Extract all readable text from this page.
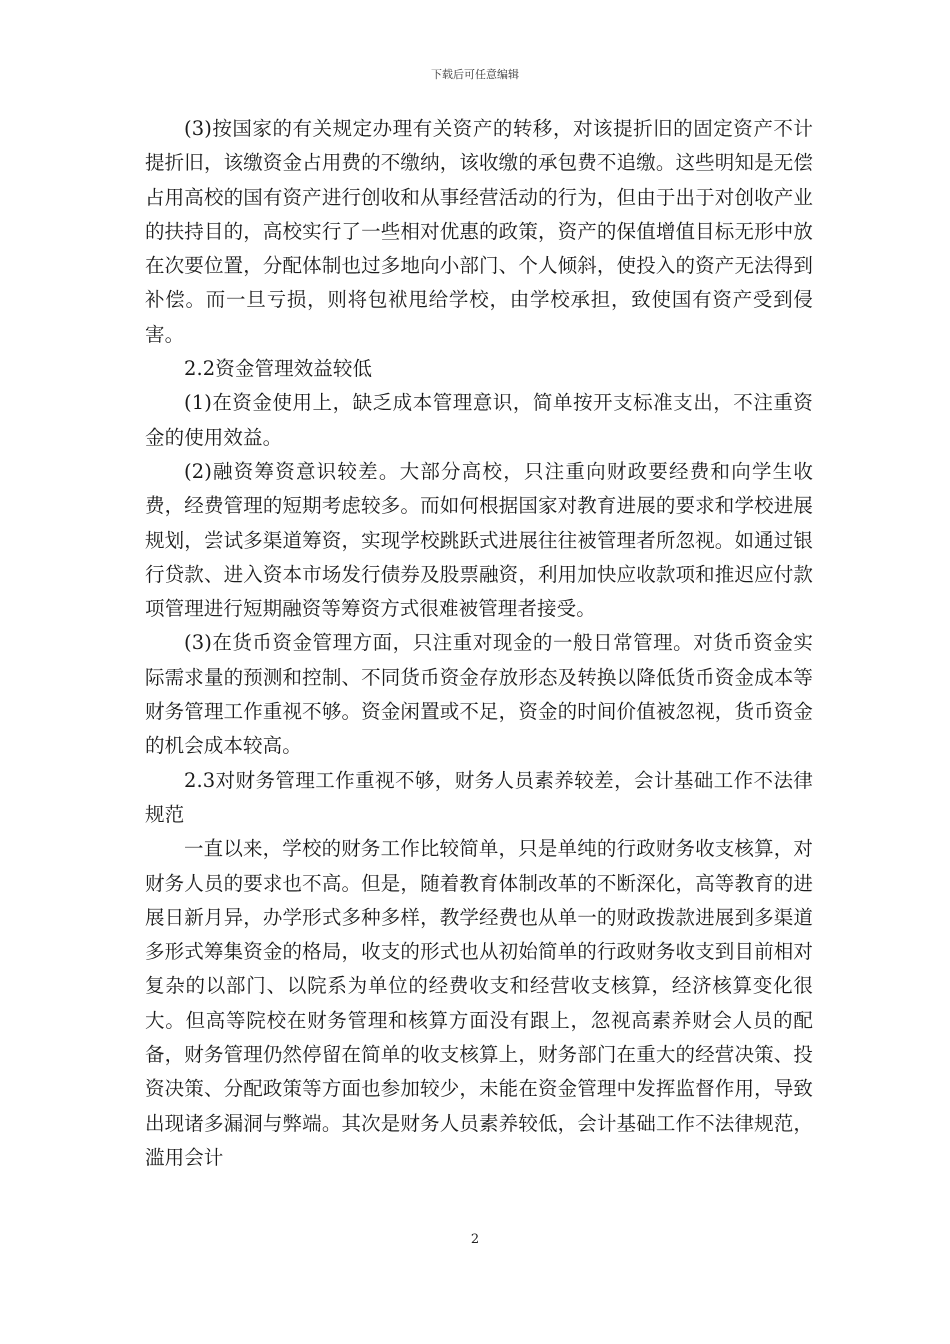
下载后可任意编辑

(3)按国家的有关规定办理有关资产的转移，对该提折旧的固定资产不计提折旧，该缴资金占用费的不缴纳，该收缴的承包费不追缴。这些明知是无偿占用高校的国有资产进行创收和从事经营活动的行为，但由于出于对创收产业的扶持目的，高校实行了一些相对优惠的政策，资产的保值增值目标无形中放在次要位置，分配体制也过多地向小部门、个人倾斜，使投入的资产无法得到补偿。而一旦亏损，则将包袱甩给学校，由学校承担，致使国有资产受到侵害。

2.2资金管理效益较低

(1)在资金使用上，缺乏成本管理意识，简单按开支标准支出，不注重资金的使用效益。

(2)融资筹资意识较差。大部分高校，只注重向财政要经费和向学生收费，经费管理的短期考虑较多。而如何根据国家对教育进展的要求和学校进展规划，尝试多渠道筹资，实现学校跳跃式进展往往被管理者所忽视。如通过银行贷款、进入资本市场发行债券及股票融资，利用加快应收款项和推迟应付款项管理进行短期融资等筹资方式很难被管理者接受。

(3)在货币资金管理方面，只注重对现金的一般日常管理。对货币资金实际需求量的预测和控制、不同货币资金存放形态及转换以降低货币资金成本等财务管理工作重视不够。资金闲置或不足，资金的时间价值被忽视，货币资金的机会成本较高。

2.3对财务管理工作重视不够，财务人员素养较差，会计基础工作不法律规范

一直以来，学校的财务工作比较简单，只是单纯的行政财务收支核算，对财务人员的要求也不高。但是，随着教育体制改革的不断深化，高等教育的进展日新月异，办学形式多种多样，教学经费也从单一的财政拨款进展到多渠道多形式筹集资金的格局，收支的形式也从初始简单的行政财务收支到目前相对复杂的以部门、以院系为单位的经费收支和经营收支核算，经济核算变化很大。但高等院校在财务管理和核算方面没有跟上，忽视高素养财会人员的配备，财务管理仍然停留在简单的收支核算上，财务部门在重大的经营决策、投资决策、分配政策等方面也参加较少，未能在资金管理中发挥监督作用，导致出现诸多漏洞与弊端。其次是财务人员素养较低，会计基础工作不法律规范，滥用会计

2
